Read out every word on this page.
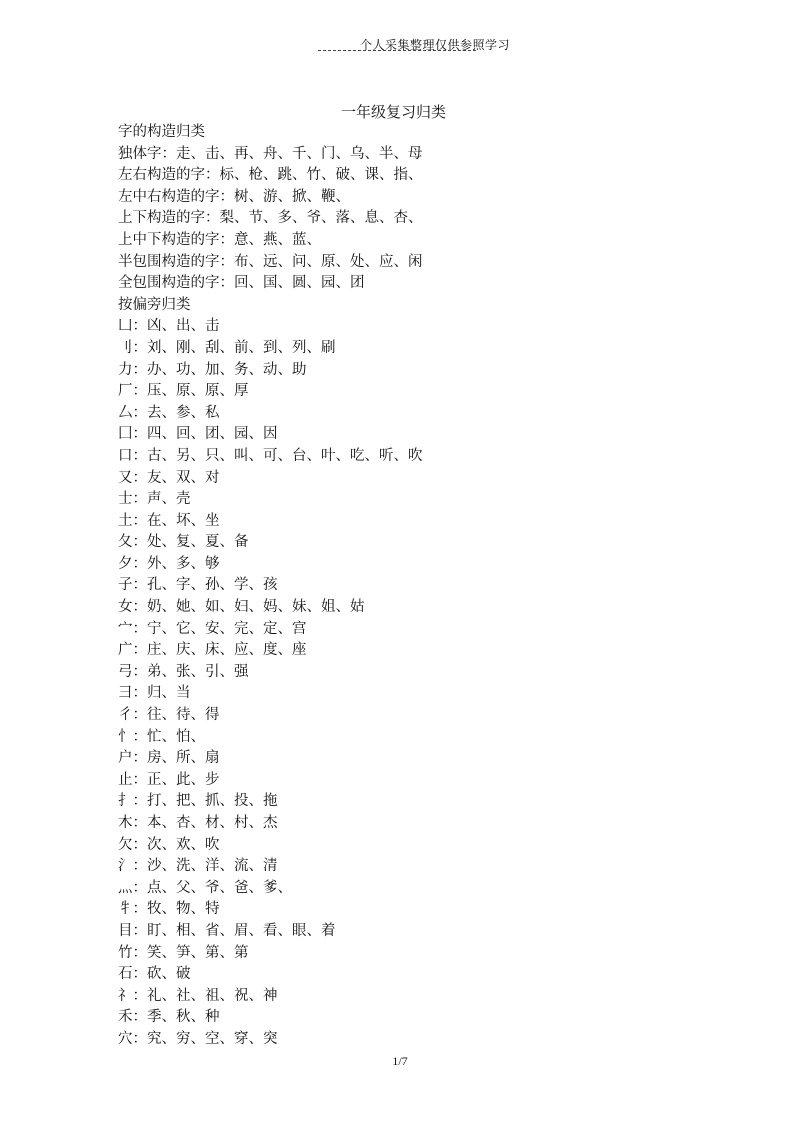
个人采集整理仅供参照学习
一年级复习归类
字的构造归类
独体字：走、击、再、舟、千、门、乌、半、母
左右构造的字：标、枪、跳、竹、破、课、指、
左中右构造的字：树、游、掀、鞭、
上下构造的字：梨、节、多、爷、落、息、杏、
上中下构造的字：意、燕、蓝、
半包围构造的字：布、远、问、原、处、应、闲
全包围构造的字：回、国、圆、园、团
按偏旁归类
凵：凶、出、击
刂：刘、刚、刮、前、到、列、刷
力：办、功、加、务、动、助
厂：压、原、原、厚
厶：去、参、私
囗：四、回、团、园、因
口：古、另、只、叫、可、台、叶、吃、听、吹
又：友、双、对
士：声、壳
土：在、坏、坐
夂：处、复、夏、备
夕：外、多、够
子：孔、字、孙、学、孩
女：奶、她、如、妇、妈、妹、姐、姑
宀：宁、它、安、完、定、宫
广：庄、庆、床、应、度、座
弓：弟、张、引、强
彐：归、当
彳：往、待、得
忄：忙、怕、
户：房、所、扇
止：正、此、步
扌：打、把、抓、投、拖
木：本、杏、材、村、杰
欠：次、欢、吹
氵：沙、洗、洋、流、清
灬：点、父、爷、爸、爹、
牜：牧、物、特
目：盯、相、省、眉、看、眼、着
竹：笑、笋、第、第
石：砍、破
礻：礼、社、祖、祝、神
禾：季、秋、种
穴：究、穷、空、穿、突
1/7
